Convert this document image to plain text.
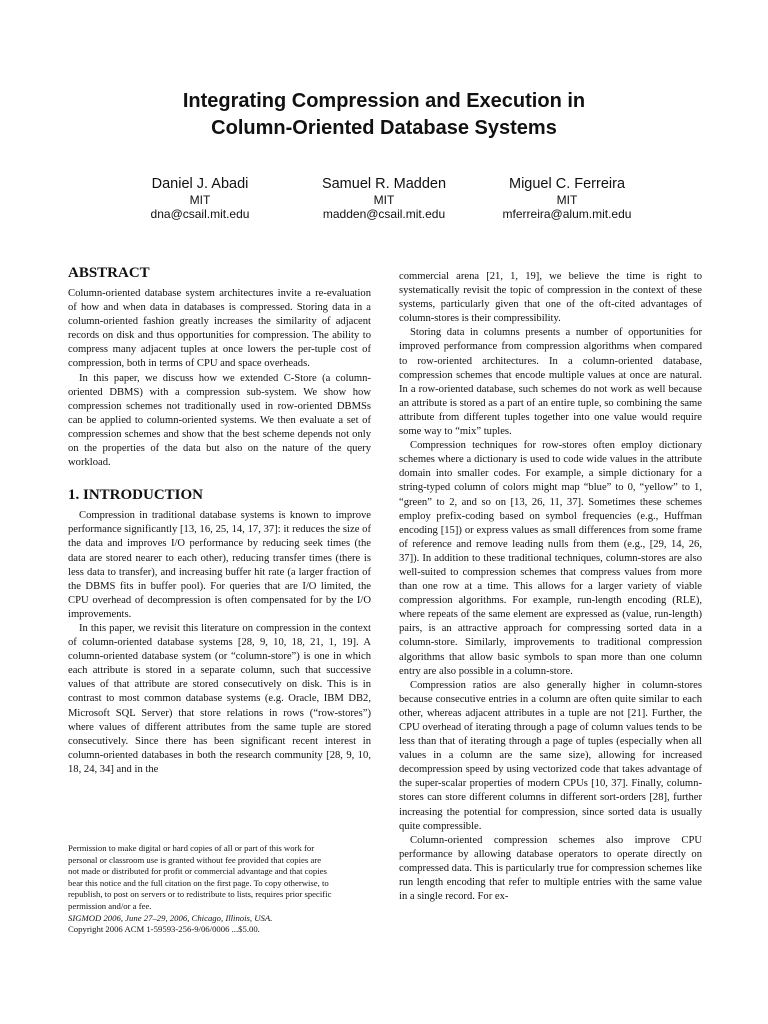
Integrating Compression and Execution in
Column-Oriented Database Systems
Daniel J. Abadi
MIT
dna@csail.mit.edu
Samuel R. Madden
MIT
madden@csail.mit.edu
Miguel C. Ferreira
MIT
mferreira@alum.mit.edu
ABSTRACT

Column-oriented database system architectures invite a re-evaluation of how and when data in databases is compressed. Storing data in a column-oriented fashion greatly increases the similarity of adjacent records on disk and thus opportunities for compression. The ability to compress many adjacent tuples at once lowers the per-tuple cost of compression, both in terms of CPU and space overheads.

In this paper, we discuss how we extended C-Store (a column-oriented DBMS) with a compression sub-system. We show how compression schemes not traditionally used in row-oriented DBMSs can be applied to column-oriented systems. We then evaluate a set of compression schemes and show that the best scheme depends not only on the properties of the data but also on the nature of the query workload.

1. INTRODUCTION

Compression in traditional database systems is known to improve performance significantly [13, 16, 25, 14, 17, 37]: it reduces the size of the data and improves I/O performance by reducing seek times (the data are stored nearer to each other), reducing transfer times (there is less data to transfer), and increasing buffer hit rate (a larger fraction of the DBMS fits in buffer pool). For queries that are I/O limited, the CPU overhead of decompression is often compensated for by the I/O improvements.

In this paper, we revisit this literature on compression in the context of column-oriented database systems [28, 9, 10, 18, 21, 1, 19]. A column-oriented database system (or “column-store”) is one in which each attribute is stored in a separate column, such that successive values of that attribute are stored consecutively on disk. This is in contrast to most common database systems (e.g. Oracle, IBM DB2, Microsoft SQL Server) that store relations in rows (“row-stores”) where values of different attributes from the same tuple are stored consecutively. Since there has been significant recent interest in column-oriented databases in both the research community [28, 9, 10, 18, 24, 34] and in the

commercial arena [21, 1, 19], we believe the time is right to systematically revisit the topic of compression in the context of these systems, particularly given that one of the oft-cited advantages of column-stores is their compressibility.

Storing data in columns presents a number of opportunities for improved performance from compression algorithms when compared to row-oriented architectures. In a column-oriented database, compression schemes that encode multiple values at once are natural. In a row-oriented database, such schemes do not work as well because an attribute is stored as a part of an entire tuple, so combining the same attribute from different tuples together into one value would require some way to “mix” tuples.

Compression techniques for row-stores often employ dictionary schemes where a dictionary is used to code wide values in the attribute domain into smaller codes. For example, a simple dictionary for a string-typed column of colors might map “blue” to 0, “yellow” to 1, “green” to 2, and so on [13, 26, 11, 37]. Sometimes these schemes employ prefix-coding based on symbol frequencies (e.g., Huffman encoding [15]) or express values as small differences from some frame of reference and remove leading nulls from them (e.g., [29, 14, 26, 37]). In addition to these traditional techniques, column-stores are also well-suited to compression schemes that compress values from more than one row at a time. This allows for a larger variety of viable compression algorithms. For example, run-length encoding (RLE), where repeats of the same element are expressed as (value, run-length) pairs, is an attractive approach for compressing sorted data in a column-store. Similarly, improvements to traditional compression algorithms that allow basic symbols to span more than one column entry are also possible in a column-store.

Compression ratios are also generally higher in column-stores because consecutive entries in a column are often quite similar to each other, whereas adjacent attributes in a tuple are not [21]. Further, the CPU overhead of iterating through a page of column values tends to be less than that of iterating through a page of tuples (especially when all values in a column are the same size), allowing for increased decompression speed by using vectorized code that takes advantage of the super-scalar properties of modern CPUs [10, 37]. Finally, column-stores can store different columns in different sort-orders [28], further increasing the potential for compression, since sorted data is usually quite compressible.

Column-oriented compression schemes also improve CPU performance by allowing database operators to operate directly on compressed data. This is particularly true for compression schemes like run length encoding that refer to multiple entries with the same value in a single record. For ex-

Permission to make digital or hard copies of all or part of this work for
personal or classroom use is granted without fee provided that copies are
not made or distributed for profit or commercial advantage and that copies
bear this notice and the full citation on the first page. To copy otherwise, to
republish, to post on servers or to redistribute to lists, requires prior specific
permission and/or a fee.
SIGMOD 2006, June 27–29, 2006, Chicago, Illinois, USA.
Copyright 2006 ACM 1-59593-256-9/06/0006 ...$5.00.
